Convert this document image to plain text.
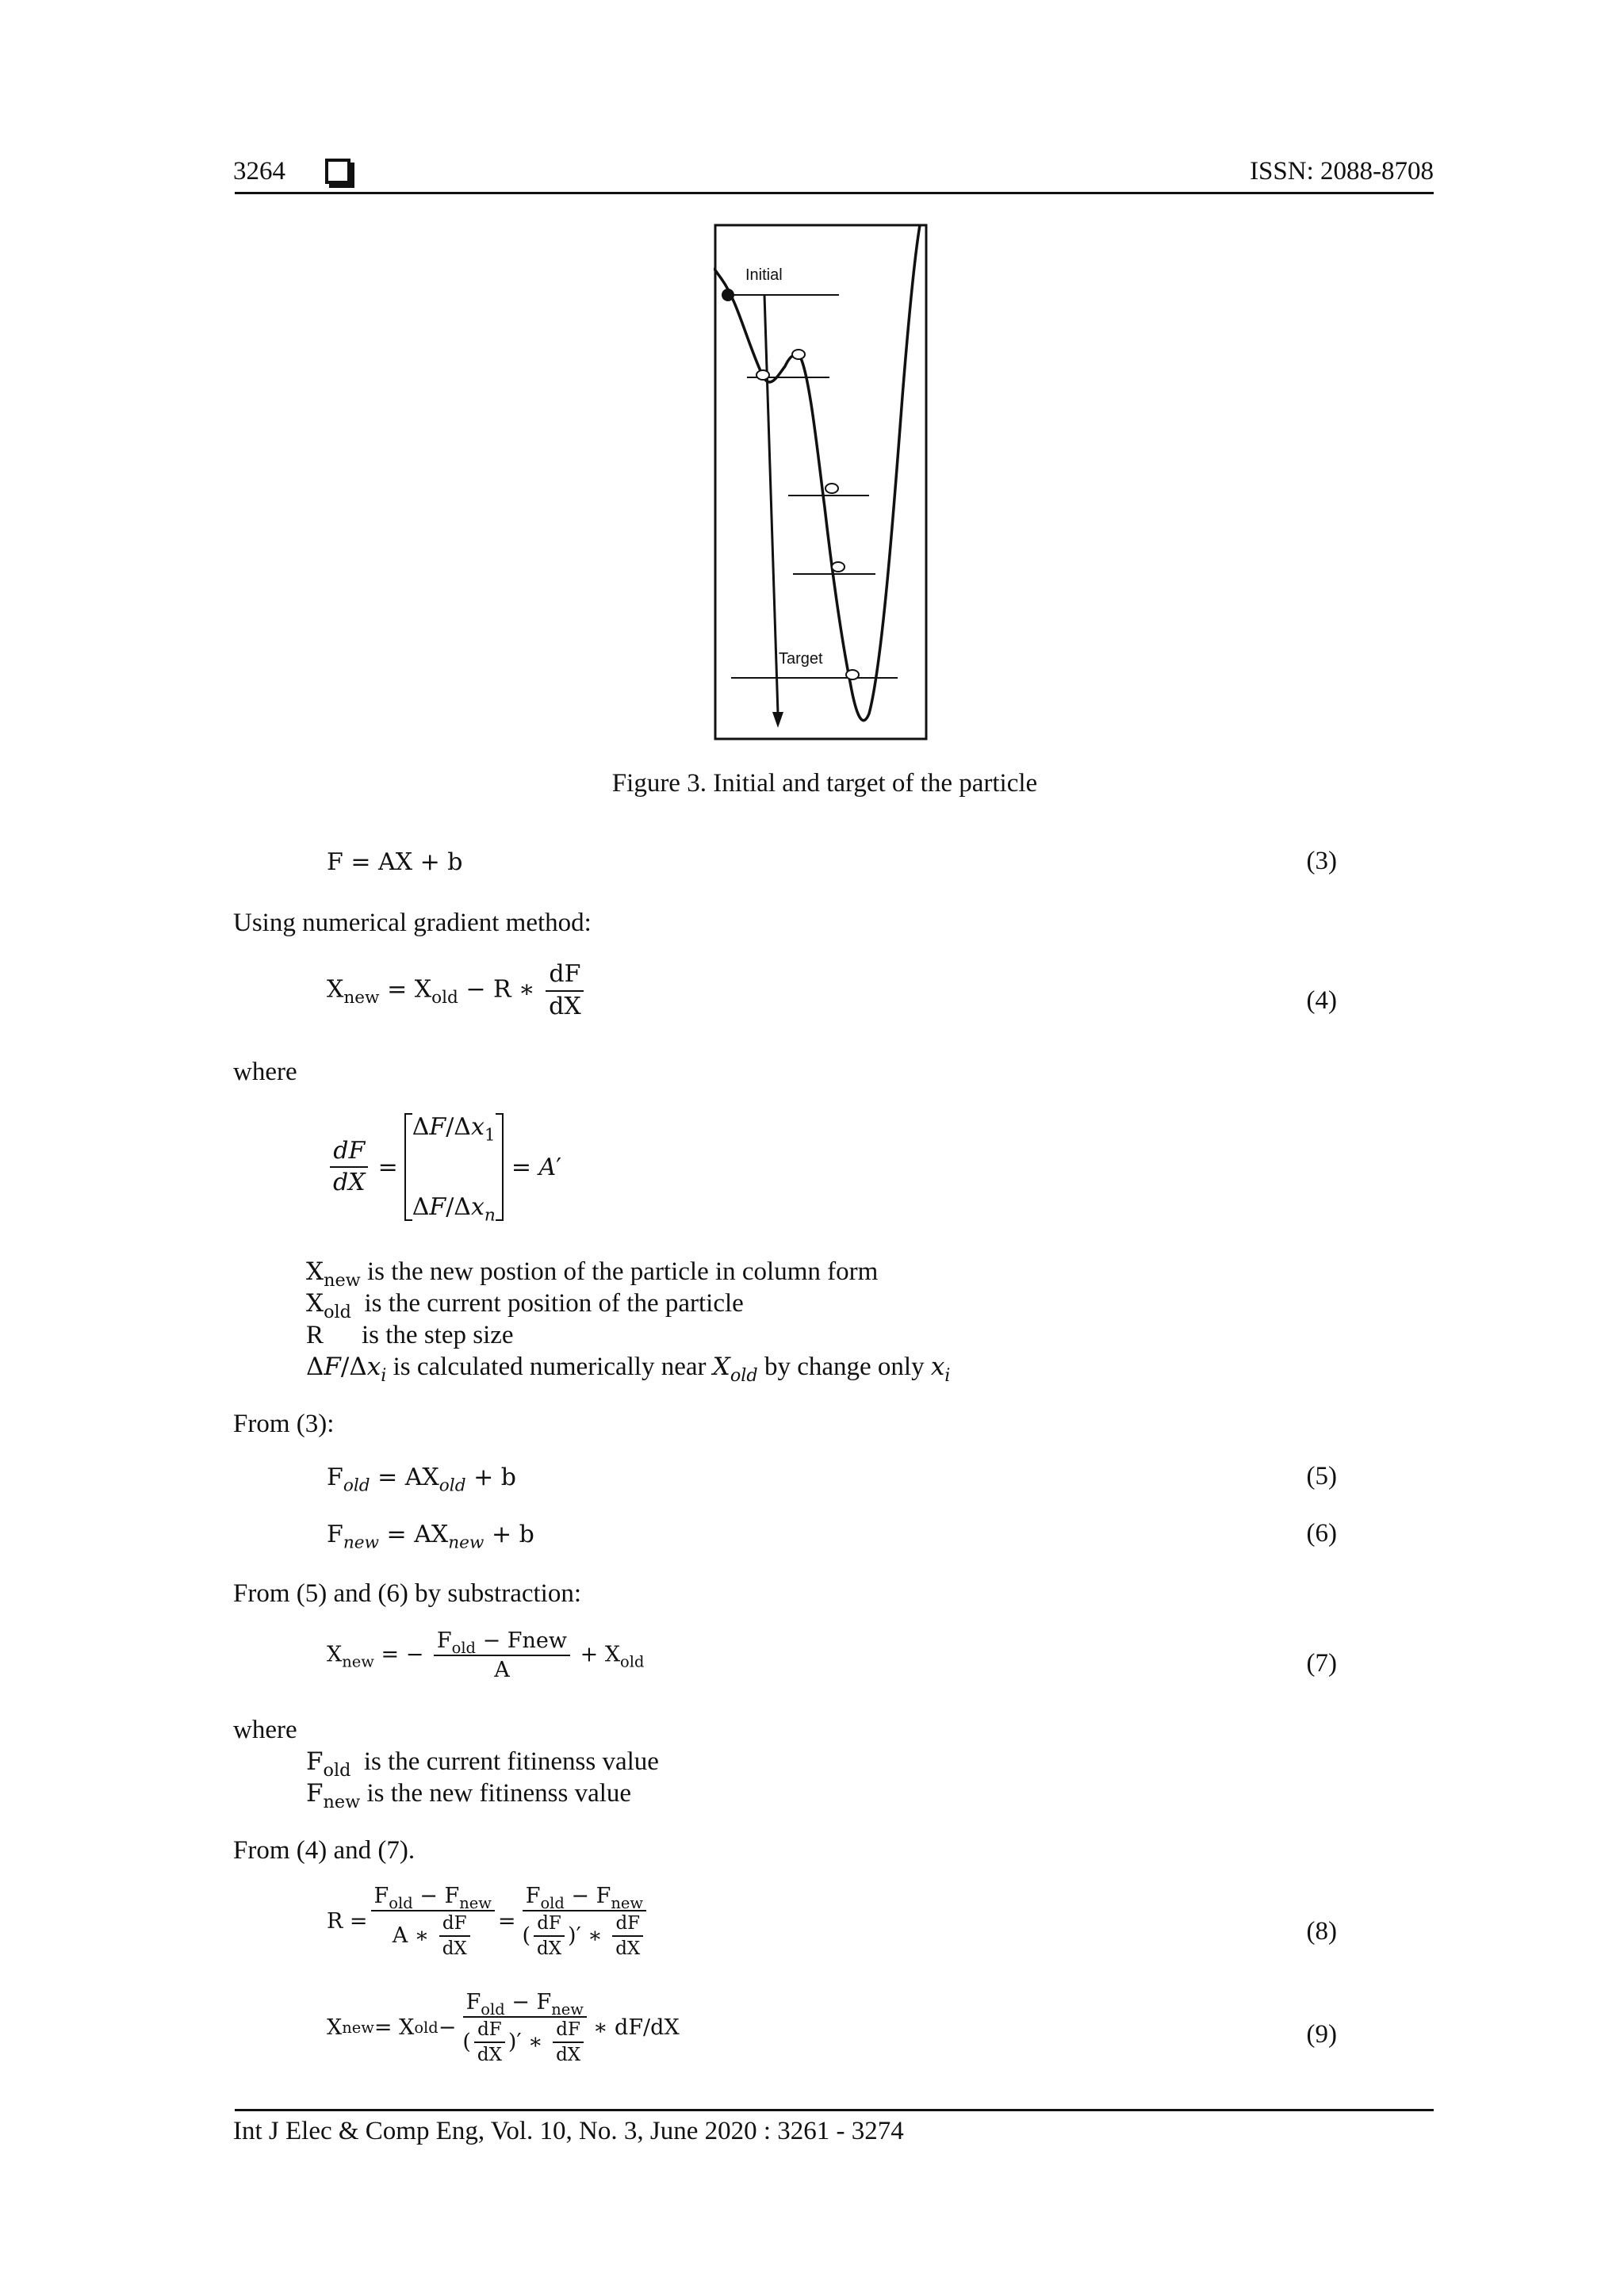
3264	ISSN: 2088-8708
Initial
Target
Figure 3. Initial and target of the particle
F = AX + b	(3)
Using numerical gradient method:
$X_{new} = X_{old} - R$ ∗ $\frac{dF}{dX}$	(4)
where
$\frac{dF}{dX}$ =
$\Delta F/\Delta x_1$
$\Delta F/\Delta x_n$
= A′
$X_{new}$ is the new postion of the particle in column form
$X_{old}$ is the current position of the particle
R is the step size
$\Delta F/\Delta x_i$ is calculated numerically near $X_{old}$ by change only $x_i$
From (3):
$F_{old} = AX_{old} + b$	(5)
$F_{new} = AX_{new} + b$	(6)
From (5) and (6) by substraction:
$X_{new}$ = − $\frac{F_{old} - Fnew}{A} + X_{old}$	(7)
where
$F_{old}$ is the current fitinenss value
$F_{new}$ is the new fitinenss value
From (4) and (7).
$R = \frac{F_{old} - F_{new}}{A ∗ \frac{dF}{dX}} = \frac{F_{old} - F_{new}}{( \frac{dF}{dX} )' ∗ \frac{dF}{dX}}$	(8)
X new = X old − $\frac{F_{old} - F_{new}}{( \frac{dF}{dX} )' ∗ \frac{dF}{dX}}$ ∗ dF/dX	(9)
Int J Elec & Comp Eng, Vol. 10, No. 3, June 2020 : 3261 - 3274
